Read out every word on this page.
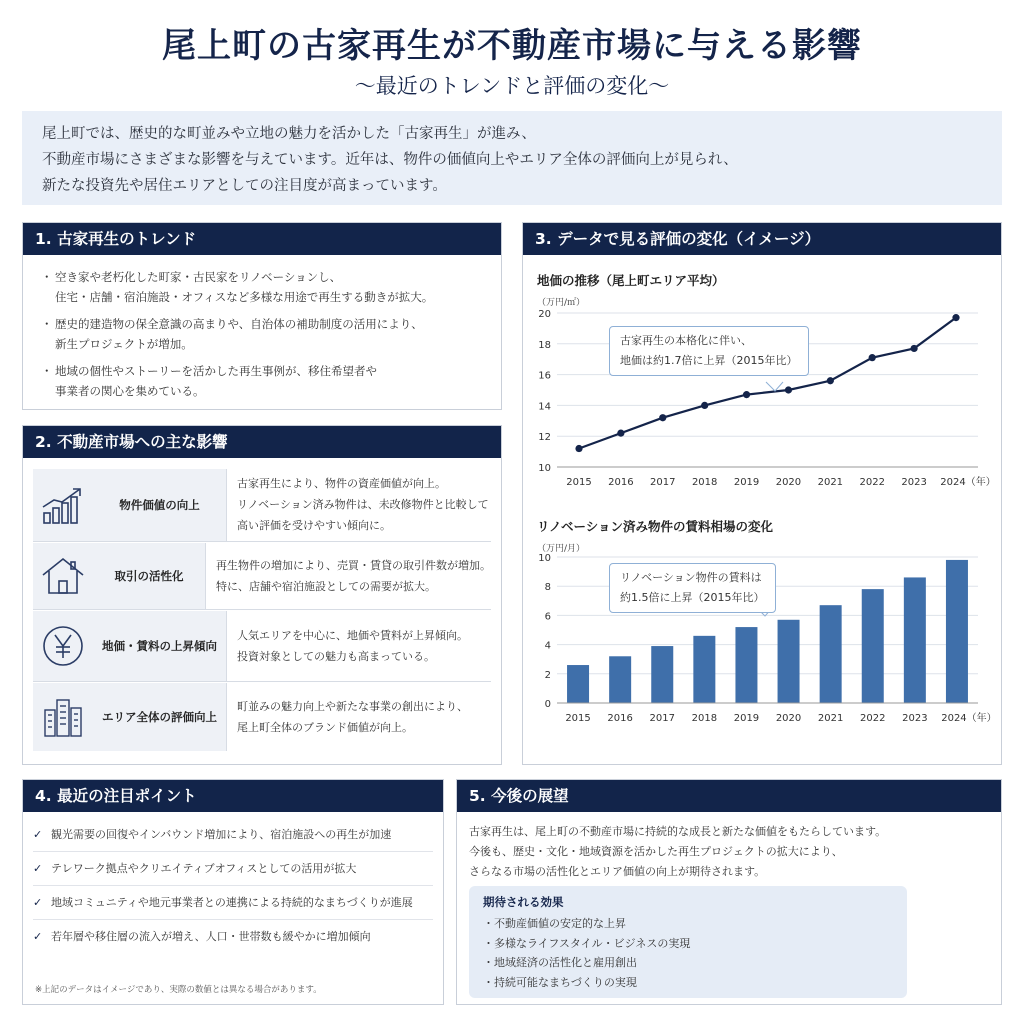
尾上町の古家再生が不動産市場に与える影響
～最近のトレンドと評価の変化～

尾上町では、歴史的な町並みや立地の魅力を活かした「古家再生」が進み、

不動産市場にさまざまな影響を与えています。近年は、物件の価値向上やエリア全体の評価向上が見られ、

新たな投資先や居住エリアとしての注目度が高まっています。

1. 古家再生のトレンド
・ 空き家や老朽化した町家・古民家をリノベーションし、
住宅・店舗・宿泊施設・オフィスなど多様な用途で再生する動きが拡大。
・ 歴史的建造物の保全意識の高まりや、自治体の補助制度の活用により、
新生プロジェクトが増加。
・ 地域の個性やストーリーを活かした再生事例が、移住希望者や
事業者の関心を集めている。
2. 不動産市場への主な影響
物件価値の向上
古家再生により、物件の資産価値が向上。
リノベーション済み物件は、未改修物件と比較して
高い評価を受けやすい傾向に。
取引の活性化
再生物件の増加により、売買・賃貸の取引件数が増加。
特に、店舗や宿泊施設としての需要が拡大。
地価・賃料の上昇傾向
人気エリアを中心に、地価や賃料が上昇傾向。
投資対象としての魅力も高まっている。
エリア全体の評価向上
町並みの魅力向上や新たな事業の創出により、
尾上町全体のブランド価値が向上。
3. データで見る評価の変化（イメージ）
地価の推移（尾上町エリア平均）
（万円/㎡）
10
12
14
16
18
20
2015 2016 2017 2018 2019 2020 2021 2022 2023 2024（年）
古家再生の本格化に伴い、
地価は約1.7倍に上昇（2015年比）
リノベーション済み物件の賃料相場の変化
（万円/月）
0
2
4
6
8
10
2015 2016 2017 2018 2019 2020 2021 2022 2023 2024（年）
リノベーション物件の賃料は
約1.5倍に上昇（2015年比）
4. 最近の注目ポイント
✓ 観光需要の回復やインバウンド増加により、宿泊施設への再生が加速
✓ テレワーク拠点やクリエイティブオフィスとしての活用が拡大
✓ 地域コミュニティや地元事業者との連携による持続的なまちづくりが進展
✓ 若年層や移住層の流入が増え、人口・世帯数も緩やかに増加傾向
※上記のデータはイメージであり、実際の数値とは異なる場合があります。
5. 今後の展望

古家再生は、尾上町の不動産市場に持続的な成長と新たな価値をもたらしています。

今後も、歴史・文化・地域資源を活かした再生プロジェクトの拡大により、

さらなる市場の活性化とエリア価値の向上が期待されます。

期待される効果
・不動産価値の安定的な上昇
・多様なライフスタイル・ビジネスの実現
・地域経済の活性化と雇用創出
・持続可能なまちづくりの実現
